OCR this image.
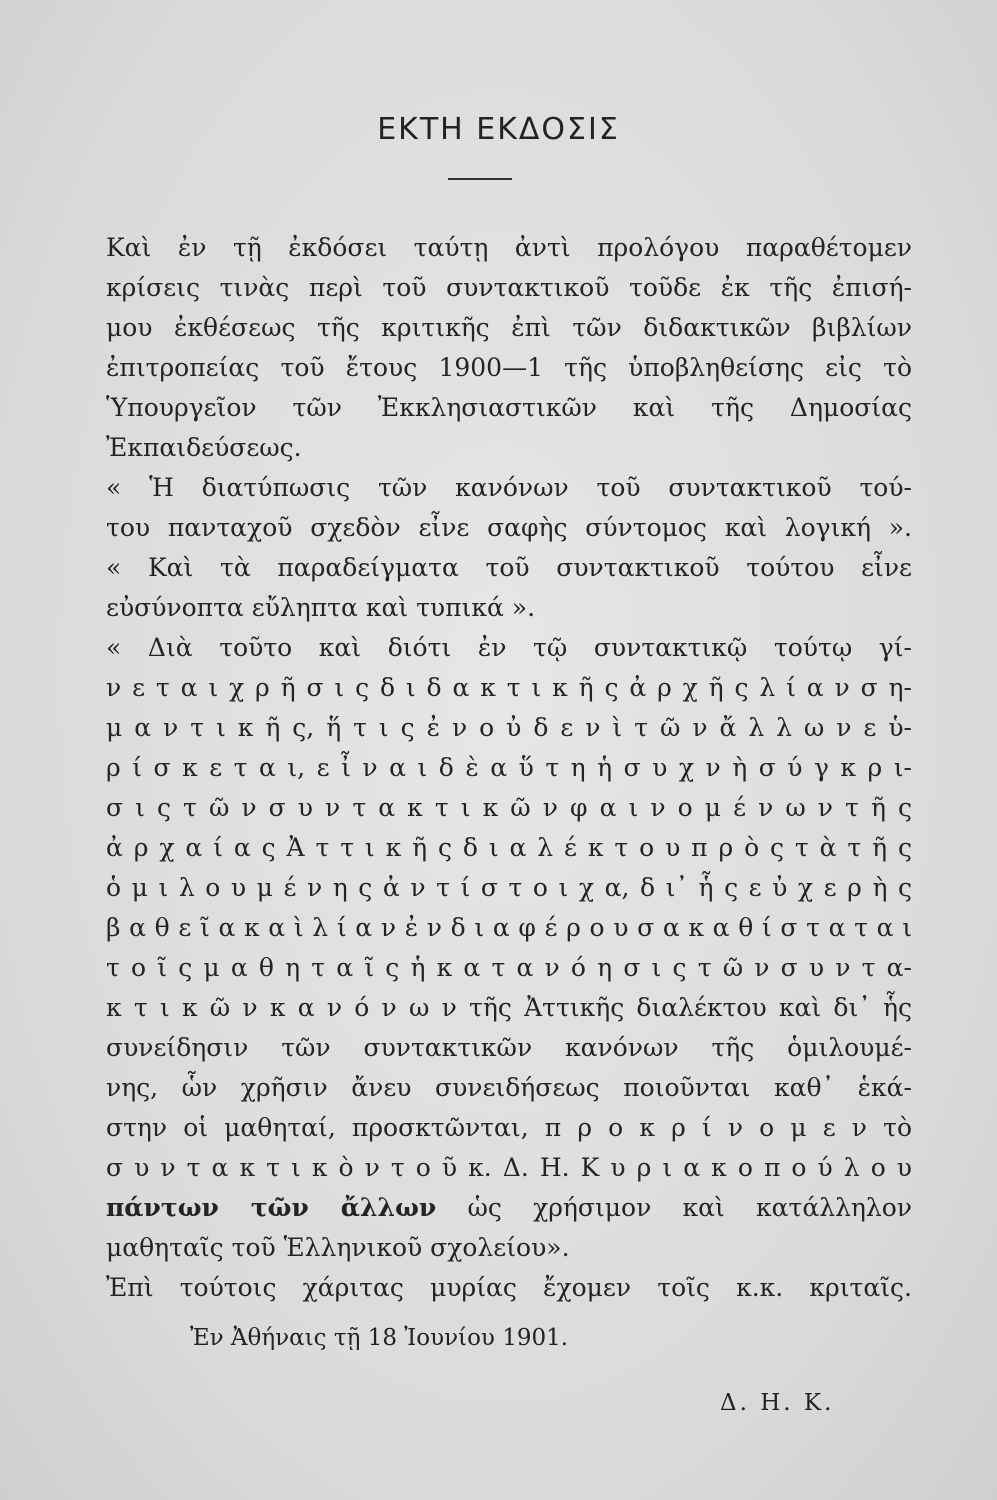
ΕΚΤΗ ΕΚΔΟΣΙΣ
Καὶ ἐν τῇ ἐκδόσει ταύτῃ ἀντὶ προλόγου παραθέτομεν
κρίσεις τινὰς περὶ τοῦ συντακτικοῦ τοῦδε ἐκ τῆς ἐπισή-
μου ἐκθέσεως τῆς κριτικῆς ἐπὶ τῶν διδακτικῶν βιβλίων
ἐπιτροπείας τοῦ ἔτους 1900—1 τῆς ὑποβληθείσης εἰς τὸ
Ὑπουργεῖον τῶν Ἐκκλησιαστικῶν καὶ τῆς Δημοσίας
Ἐκπαιδεύσεως.
« Ἡ διατύπωσις τῶν κανόνων τοῦ συντακτικοῦ τού-
του πανταχοῦ σχεδὸν εἶνε σαφὴς σύντομος καὶ λογική ».
« Καὶ τὰ παραδείγματα τοῦ συντακτικοῦ τούτου εἶνε
εὐσύνοπτα εὔληπτα καὶ τυπικά ».
« Διὰ τοῦτο καὶ διότι ἐν τῷ συντακτικῷ τούτῳ γί-
ν ε τ α ι χ ρ ῆ σ ι ς δ ι δ α κ τ ι κ ῆ ς ἀ ρ χ ῆ ς λ ί α ν σ η-
μ α ν τ ι κ ῆ ς, ἥ τ ι ς ἐ ν ο ὐ δ ε ν ὶ τ ῶ ν ἄ λ λ ω ν ε ὑ-
ρ ί σ κ ε τ α ι, ε ἶ ν α ι δ ὲ α ὕ τ η ἡ σ υ χ ν ὴ σ ύ γ κ ρ ι-
σ ι ς τ ῶ ν σ υ ν τ α κ τ ι κ ῶ ν φ α ι ν ο μ έ ν ω ν τ ῆ ς
ἀ ρ χ α ί α ς Ἀ τ τ ι κ ῆ ς δ ι α λ έ κ τ ο υ π ρ ὸ ς τ ὰ τ ῆ ς
ὁ μ ι λ ο υ μ έ ν η ς ἀ ν τ ί σ τ ο ι χ α, δ ι᾿ ἧ ς ε ὐ χ ε ρ ὴ ς
β α θ ε ῖ α κ α ὶ λ ί α ν ἐ ν δ ι α φ έ ρ ο υ σ α κ α θ ί σ τ α τ α ι
τ ο ῖ ς μ α θ η τ α ῖ ς ἡ κ α τ α ν ό η σ ι ς τ ῶ ν σ υ ν τ α-
κ τ ι κ ῶ ν κ α ν ό ν ω ν τῆς Ἀττικῆς διαλέκτου καὶ δι᾿ ἧς
συνείδησιν τῶν συντακτικῶν κανόνων τῆς ὁμιλουμέ-
νης, ὧν χρῆσιν ἄνευ συνειδήσεως ποιοῦνται καθ᾿ ἑκά-
στην οἱ μαθηταί, προσκτῶνται, π ρ ο κ ρ ί ν ο μ ε ν τὸ
σ υ ν τ α κ τ ι κ ὸ ν τ ο ῦ κ. Δ. Η. Κ υ ρ ι α κ ο π ο ύ λ ο υ
πάντων τῶν ἄλλων ὡς χρήσιμον καὶ κατάλληλον
μαθηταῖς τοῦ Ἑλληνικοῦ σχολείου».
Ἐπὶ τούτοις χάριτας μυρίας ἔχομεν τοῖς κ.κ. κριταῖς.
Ἐν Ἀθήναις τῇ 18 Ἰουνίου 1901.
Δ. Η. Κ.
